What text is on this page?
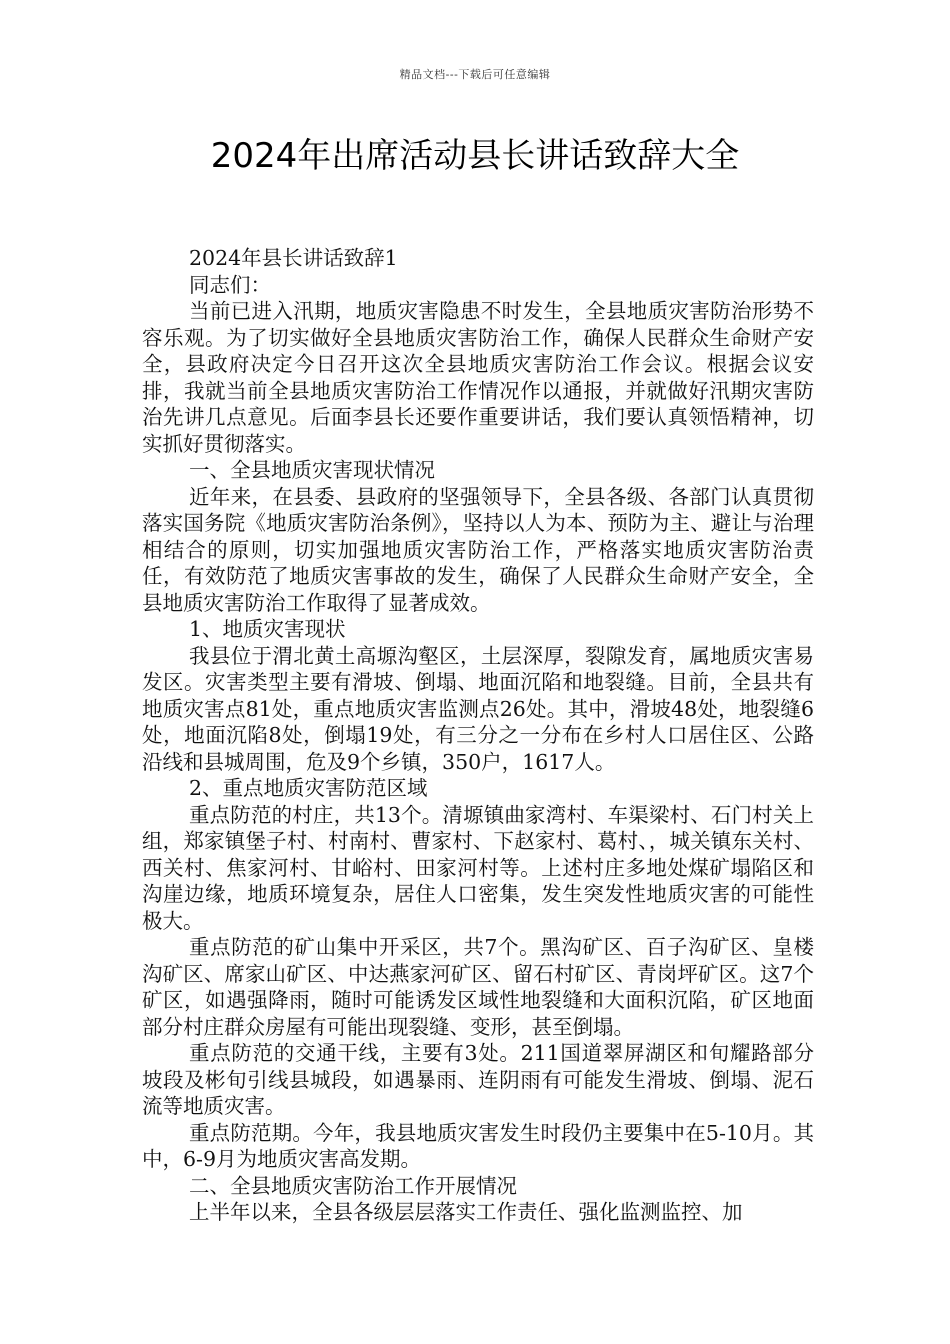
精品文档---下载后可任意编辑
2024年出席活动县长讲话致辞大全

2024年县长讲话致辞1

同志们：

当前已进入汛期，地质灾害隐患不时发生，全县地质灾害防治形势不容乐观。为了切实做好全县地质灾害防治工作，确保人民群众生命财产安全，县政府决定今日召开这次全县地质灾害防治工作会议。根据会议安排，我就当前全县地质灾害防治工作情况作以通报，并就做好汛期灾害防治先讲几点意见。后面李县长还要作重要讲话，我们要认真领悟精神，切实抓好贯彻落实。

一、全县地质灾害现状情况

近年来，在县委、县政府的坚强领导下，全县各级、各部门认真贯彻落实国务院《地质灾害防治条例》，坚持以人为本、预防为主、避让与治理相结合的原则，切实加强地质灾害防治工作，严格落实地质灾害防治责任，有效防范了地质灾害事故的发生，确保了人民群众生命财产安全，全县地质灾害防治工作取得了显著成效。

1、地质灾害现状

我县位于渭北黄土高塬沟壑区，土层深厚，裂隙发育，属地质灾害易发区。灾害类型主要有滑坡、倒塌、地面沉陷和地裂缝。目前，全县共有地质灾害点81处，重点地质灾害监测点26处。其中，滑坡48处，地裂缝6处，地面沉陷8处，倒塌19处，有三分之一分布在乡村人口居住区、公路沿线和县城周围，危及9个乡镇，350户，1617人。

2、重点地质灾害防范区域

重点防范的村庄，共13个。清塬镇曲家湾村、车渠梁村、石门村关上组，郑家镇堡子村、村南村、曹家村、下赵家村、葛村、，城关镇东关村、西关村、焦家河村、甘峪村、田家河村等。上述村庄多地处煤矿塌陷区和沟崖边缘，地质环境复杂，居住人口密集，发生突发性地质灾害的可能性极大。

重点防范的矿山集中开采区，共7个。黑沟矿区、百子沟矿区、皇楼沟矿区、席家山矿区、中达燕家河矿区、留石村矿区、青岗坪矿区。这7个矿区，如遇强降雨，随时可能诱发区域性地裂缝和大面积沉陷，矿区地面部分村庄群众房屋有可能出现裂缝、变形，甚至倒塌。

重点防范的交通干线，主要有3处。211国道翠屏湖区和旬耀路部分坡段及彬旬引线县城段，如遇暴雨、连阴雨有可能发生滑坡、倒塌、泥石流等地质灾害。

重点防范期。今年，我县地质灾害发生时段仍主要集中在5-10月。其中，6-9月为地质灾害高发期。

二、全县地质灾害防治工作开展情况

上半年以来，全县各级层层落实工作责任、强化监测监控、加
